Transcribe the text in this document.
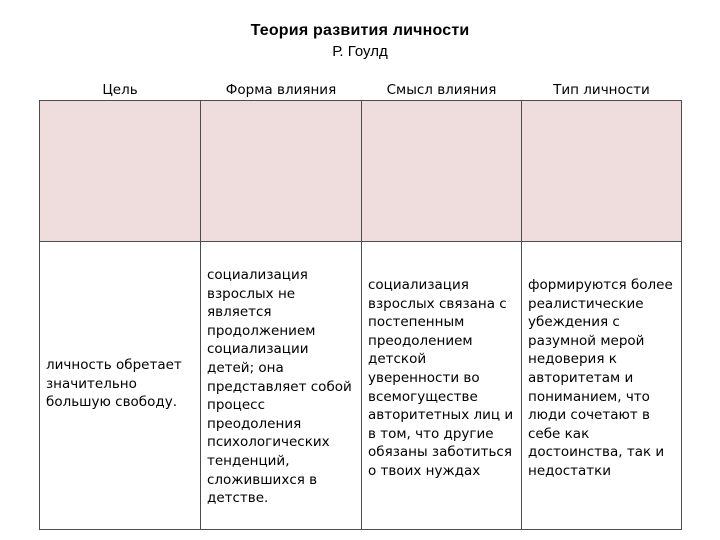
Теория развития личности
Р. Гоулд
Цель	Форма влияния	Смысл влияния	Тип личности

личность обретает значительно большую свободу.	социализация взрослых не является продолжением социализации детей; она представляет собой процесс преодоления психологических тенденций, сложившихся в детстве.	социализация взрослых связана с постепенным преодолением детской уверенности во всемогуществе авторитетных лиц и в том, что другие обязаны заботиться о твоих нуждах	формируются более реалистические убеждения с разумной мерой недоверия к авторитетам и пониманием, что люди сочетают в себе как достоинства, так и недостатки
